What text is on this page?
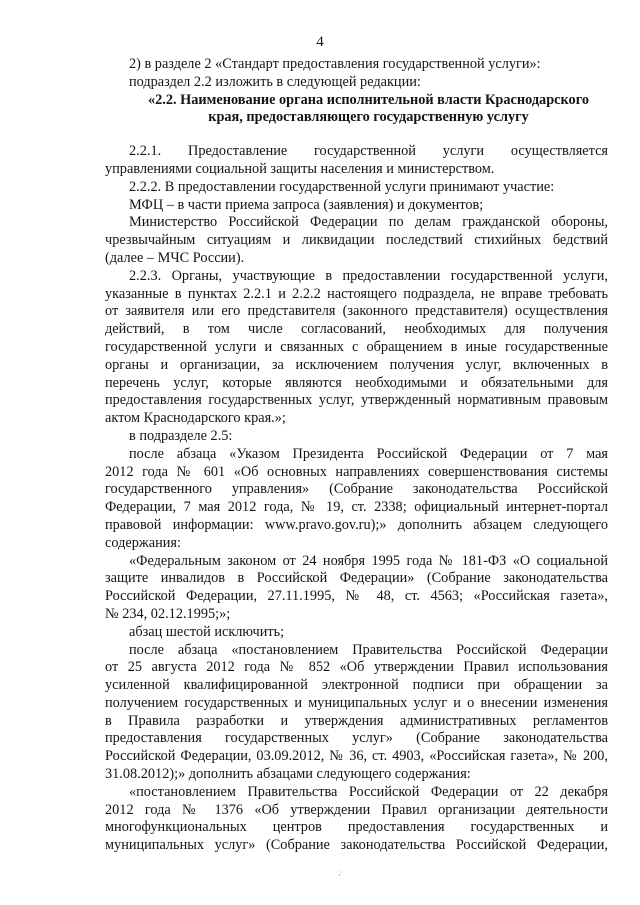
4

2) в разделе 2 «Стандарт предоставления государственной услуги»:

подраздел 2.2 изложить в следующей редакции:

«2.2. Наименование органа исполнительной власти Краснодарского

края, предоставляющего государственную услугу

2.2.1. Предоставление государственной услуги осуществляется

управлениями социальной защиты населения и министерством.

2.2.2. В предоставлении государственной услуги принимают участие:

МФЦ – в части приема запроса (заявления) и документов;

Министерство Российской Федерации по делам гражданской обороны,

чрезвычайным ситуациям и ликвидации последствий стихийных бедствий

(далее – МЧС России).

2.2.3. Органы, участвующие в предоставлении государственной услуги,

указанные в пунктах 2.2.1 и 2.2.2 настоящего подраздела, не вправе требовать

от заявителя или его представителя (законного представителя) осуществления

действий, в том числе согласований, необходимых для получения

государственной услуги и связанных с обращением в иные государственные

органы и организации, за исключением получения услуг, включенных в

перечень услуг, которые являются необходимыми и обязательными для

предоставления государственных услуг, утвержденный нормативным правовым

актом Краснодарского края.»;

в подразделе 2.5:

после абзаца «Указом Президента Российской Федерации от 7 мая

2012 года № 601 «Об основных направлениях совершенствования системы

государственного управления» (Собрание законодательства Российской

Федерации, 7 мая 2012 года, № 19, ст. 2338; официальный интернет-портал

правовой информации: www.pravo.gov.ru);» дополнить абзацем следующего

содержания:

«Федеральным законом от 24 ноября 1995 года № 181-ФЗ «О социальной

защите инвалидов в Российской Федерации» (Собрание законодательства

Российской Федерации, 27.11.1995, № 48, ст. 4563; «Российская газета»,

№ 234, 02.12.1995;»;

абзац шестой исключить;

после абзаца «постановлением Правительства Российской Федерации

от 25 августа 2012 года № 852 «Об утверждении Правил использования

усиленной квалифицированной электронной подписи при обращении за

получением государственных и муниципальных услуг и о внесении изменения

в Правила разработки и утверждения административных регламентов

предоставления государственных услуг» (Собрание законодательства

Российской Федерации, 03.09.2012, № 36, ст. 4903, «Российская газета», № 200,

31.08.2012);» дополнить абзацами следующего содержания:

«постановлением Правительства Российской Федерации от 22 декабря

2012 года № 1376 «Об утверждении Правил организации деятельности

многофункциональных центров предоставления государственных и

муниципальных услуг» (Собрание законодательства Российской Федерации,

·̇
